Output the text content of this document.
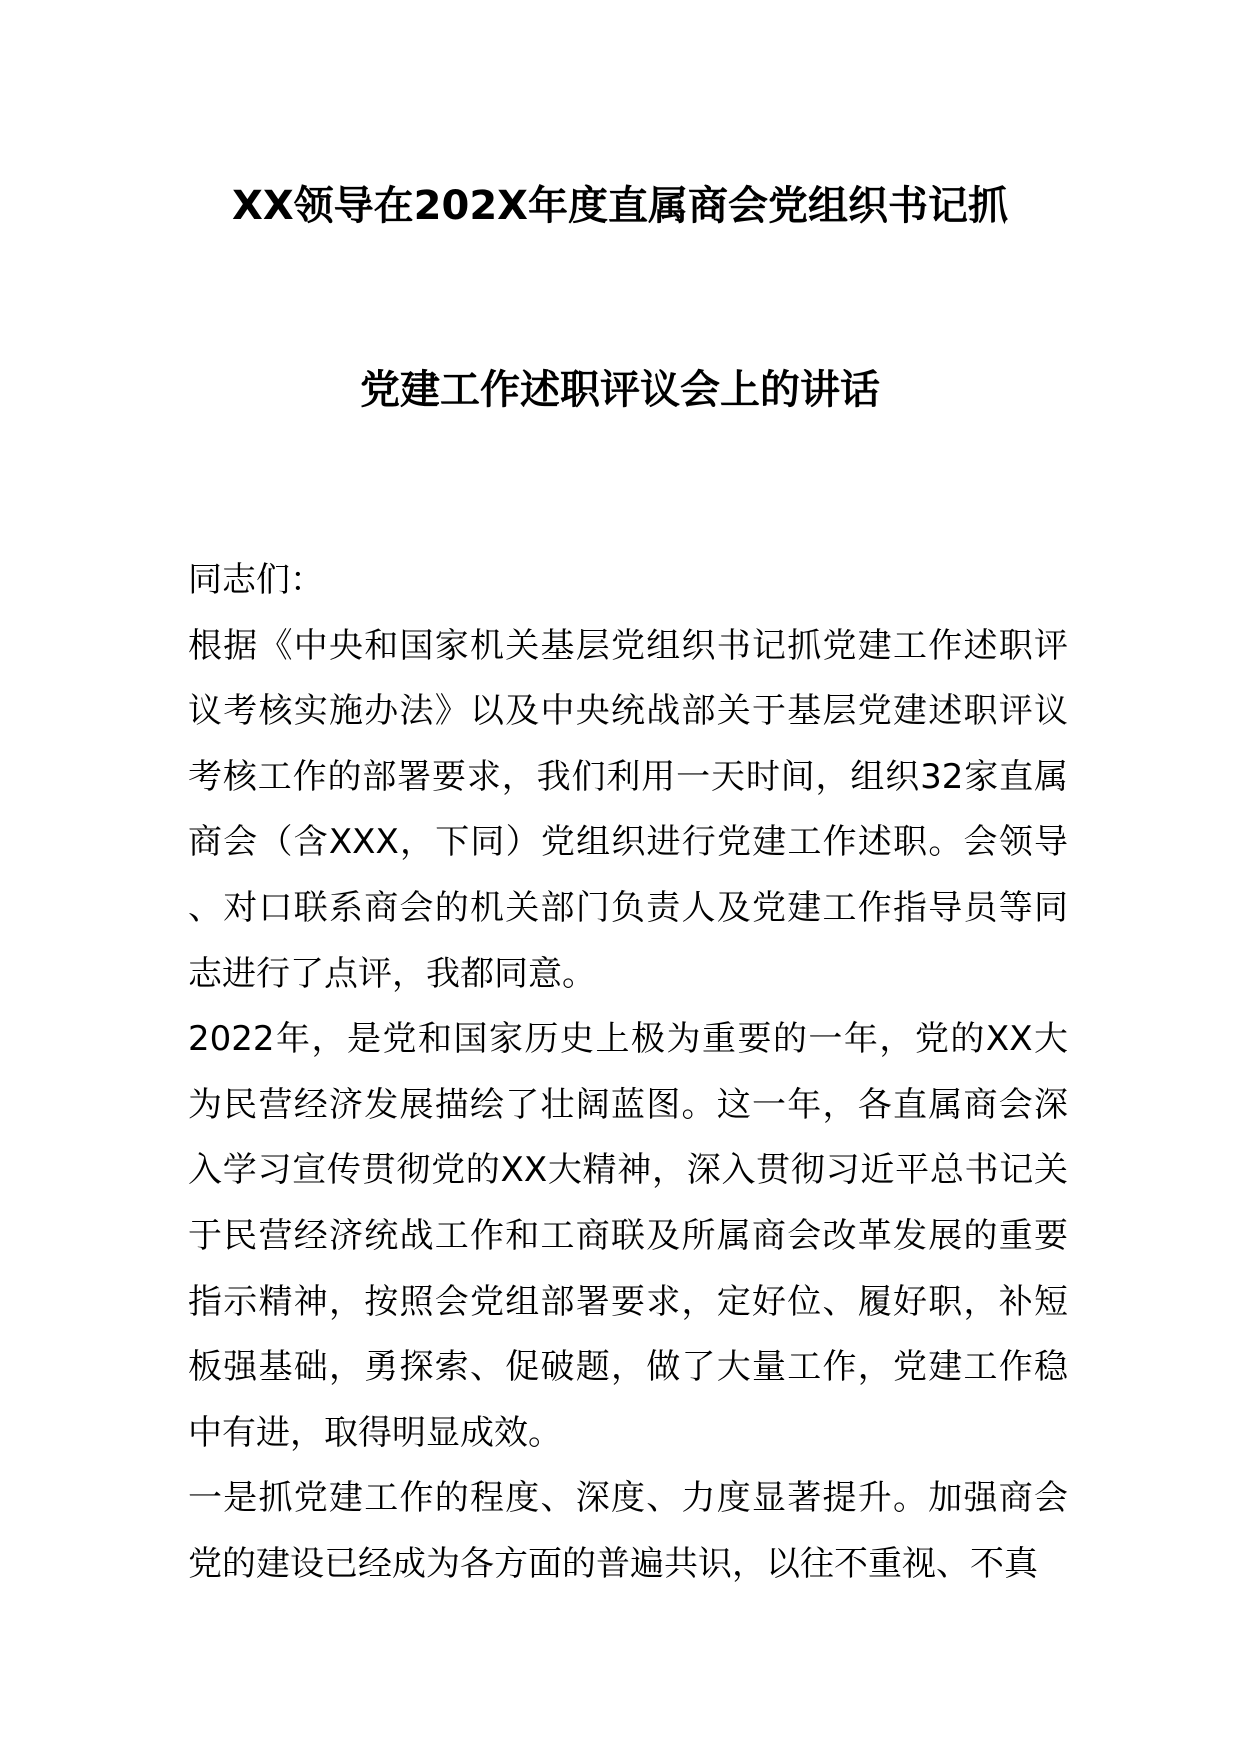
XX领导在202X年度直属商会党组织书记抓
党建工作述职评议会上的讲话

同志们：

根据《中央和国家机关基层党组织书记抓党建工作述职评议考核实施办法》以及中央统战部关于基层党建述职评议考核工作的部署要求，我们利用一天时间，组织32家直属商会（含XXX，下同）党组织进行党建工作述职。会领导、对口联系商会的机关部门负责人及党建工作指导员等同志进行了点评，我都同意。

2022年，是党和国家历史上极为重要的一年，党的XX大为民营经济发展描绘了壮阔蓝图。这一年，各直属商会深入学习宣传贯彻党的XX大精神，深入贯彻习近平总书记关于民营经济统战工作和工商联及所属商会改革发展的重要指示精神，按照会党组部署要求，定好位、履好职，补短板强基础，勇探索、促破题，做了大量工作，党建工作稳中有进，取得明显成效。

一是抓党建工作的程度、深度、力度显著提升。加强商会党的建设已经成为各方面的普遍共识，以往不重视、不真
